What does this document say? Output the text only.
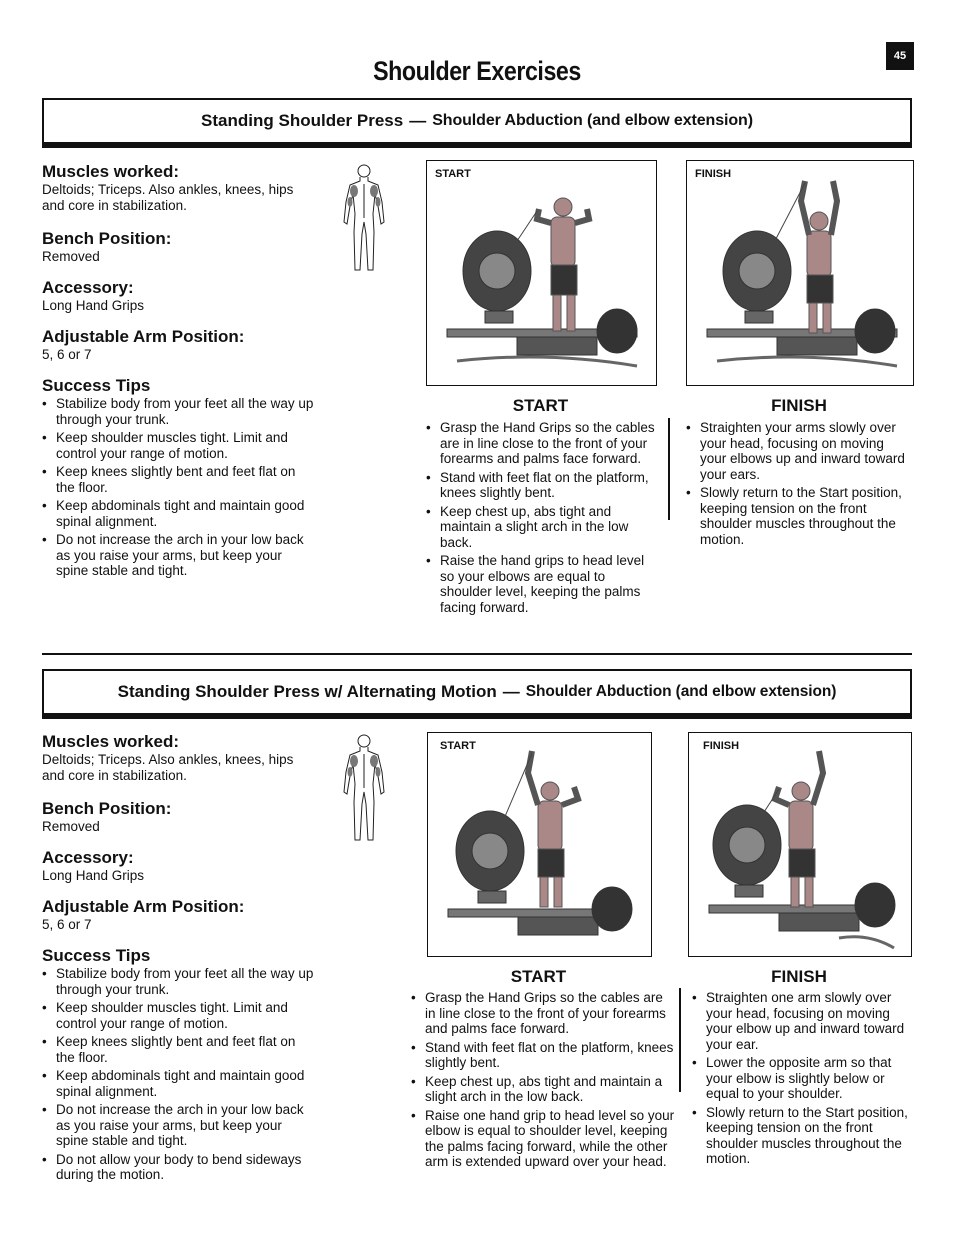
45
Shoulder Exercises
Standing Shoulder Press — Shoulder Abduction (and elbow extension)
Muscles worked:
Deltoids; Triceps. Also ankles, knees, hips and core in stabilization.
Bench Position:
Removed
Accessory:
Long Hand Grips
Adjustable Arm Position:
5, 6 or 7
Success Tips
• Stabilize body from your feet all the way up through your trunk.
• Keep shoulder muscles tight. Limit and control your range of motion.
• Keep knees slightly bent and feet flat on the floor.
• Keep abdominals tight and maintain good spinal alignment.
• Do not increase the arch in your low back as you raise your arms, but keep your spine stable and tight.
START	FINISH
START	FINISH
• Grasp the Hand Grips so the cables are in line close to the front of your forearms and palms face forward.
• Stand with feet flat on the platform, knees slightly bent.
• Keep chest up, abs tight and maintain a slight arch in the low back.
• Raise the hand grips to head level so your elbows are equal to shoulder level, keeping the palms facing forward.
• Straighten your arms slowly over your head, focusing on moving your elbows up and inward toward your ears.
• Slowly return to the Start position, keeping tension on the front shoulder muscles throughout the motion.
Standing Shoulder Press w/ Alternating Motion — Shoulder Abduction (and elbow extension)
Muscles worked:
Deltoids; Triceps. Also ankles, knees, hips and core in stabilization.
Bench Position:
Removed
Accessory:
Long Hand Grips
Adjustable Arm Position:
5, 6 or 7
Success Tips
• Stabilize body from your feet all the way up through your trunk.
• Keep shoulder muscles tight. Limit and control your range of motion.
• Keep knees slightly bent and feet flat on the floor.
• Keep abdominals tight and maintain good spinal alignment.
• Do not increase the arch in your low back as you raise your arms, but keep your spine stable and tight.
• Do not allow your body to bend sideways during the motion.
START	FINISH
START	FINISH
• Grasp the Hand Grips so the cables are in line close to the front of your forearms and palms face forward.
• Stand with feet flat on the platform, knees slightly bent.
• Keep chest up, abs tight and maintain a slight arch in the low back.
• Raise one hand grip to head level so your elbow is equal to shoulder level, keeping the palms facing forward, while the other arm is extended upward over your head.
• Straighten one arm slowly over your head, focusing on moving your elbow up and inward toward your ear.
• Lower the opposite arm so that your elbow is slightly below or equal to your shoulder.
• Slowly return to the Start position, keeping tension on the front shoulder muscles throughout the motion.
